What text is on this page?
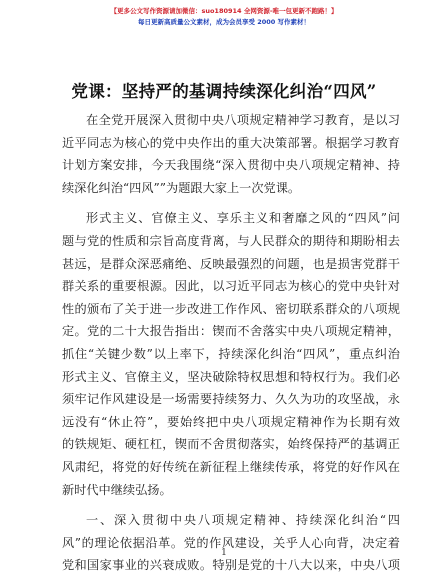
【更多公文写作资源请加微信：suo180914 全网资源-唯一包更新不跑路！】
每日更新高质量公文素材，成为会员享受 2000 写作素材！
党课：坚持严的基调持续深化纠治“四风”
在全党开展深入贯彻中央八项规定精神学习教育，是以习
近平同志为核心的党中央作出的重大决策部署。根据学习教育
计划方案安排，今天我围绕“深入贯彻中央八项规定精神、持
续深化纠治“四风””为题跟大家上一次党课。
形式主义、官僚主义、享乐主义和奢靡之风的“四风”问
题与党的性质和宗旨高度背离，与人民群众的期待和期盼相去
甚远，是群众深恶痛绝、反映最强烈的问题，也是损害党群干
群关系的重要根源。因此，以习近平同志为核心的党中央针对
性的颁布了关于进一步改进工作作风、密切联系群众的八项规
定。党的二十大报告指出：锲而不舍落实中央八项规定精神，
抓住“关键少数”以上率下，持续深化纠治“四风”，重点纠治
形式主义、官僚主义，坚决破除特权思想和特权行为。我们必
须牢记作风建设是一场需要持续努力、久久为功的攻坚战，永
远没有“休止符”，要始终把中央八项规定精神作为长期有效
的铁规矩、硬杠杠，锲而不舍贯彻落实，始终保持严的基调正
风肃纪，将党的好传统在新征程上继续传承，将党的好作风在
新时代中继续弘扬。
一、深入贯彻中央八项规定精神、持续深化纠治“四
风”的理论依据沿革。党的作风建设，关乎人心向背，决定着
党和国家事业的兴衰成败。特别是党的十八大以来，中央八项
1
